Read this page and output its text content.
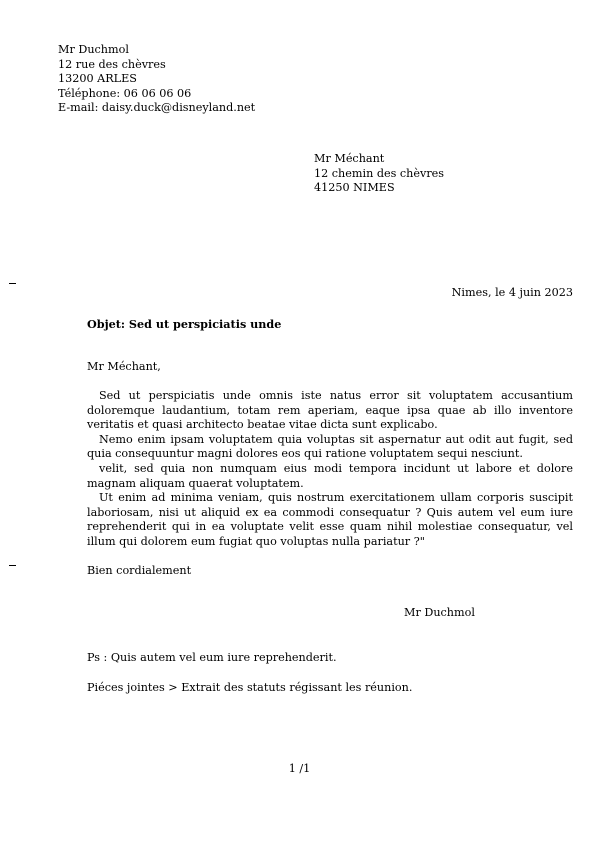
Mr Duchmol
12 rue des chèvres
13200 ARLES
Téléphone: 06 06 06 06
E-mail: daisy.duck@disneyland.net
Mr Méchant
12 chemin des chèvres
41250 NIMES
Nimes, le 4 juin 2023
Objet: Sed ut perspiciatis unde
Mr Méchant,

Sed ut perspiciatis unde omnis iste natus error sit voluptatem accusantium doloremque laudantium, totam rem aperiam, eaque ipsa quae ab illo inventore veritatis et quasi architecto beatae vitae dicta sunt explicabo.

Nemo enim ipsam voluptatem quia voluptas sit aspernatur aut odit aut fugit, sed quia consequuntur magni dolores eos qui ratione voluptatem sequi nesciunt.

velit, sed quia non numquam eius modi tempora incidunt ut labore et dolore magnam aliquam quaerat voluptatem.

Ut enim ad minima veniam, quis nostrum exercitationem ullam corporis suscipit laboriosam, nisi ut aliquid ex ea commodi consequatur ? Quis autem vel eum iure reprehenderit qui in ea voluptate velit esse quam nihil molestiae consequatur, vel illum qui dolorem eum fugiat quo voluptas nulla pariatur ?"

Bien cordialement
Mr Duchmol
Ps : Quis autem vel eum iure reprehenderit.
Piéces jointes > Extrait des statuts régissant les réunion.
1 /1
